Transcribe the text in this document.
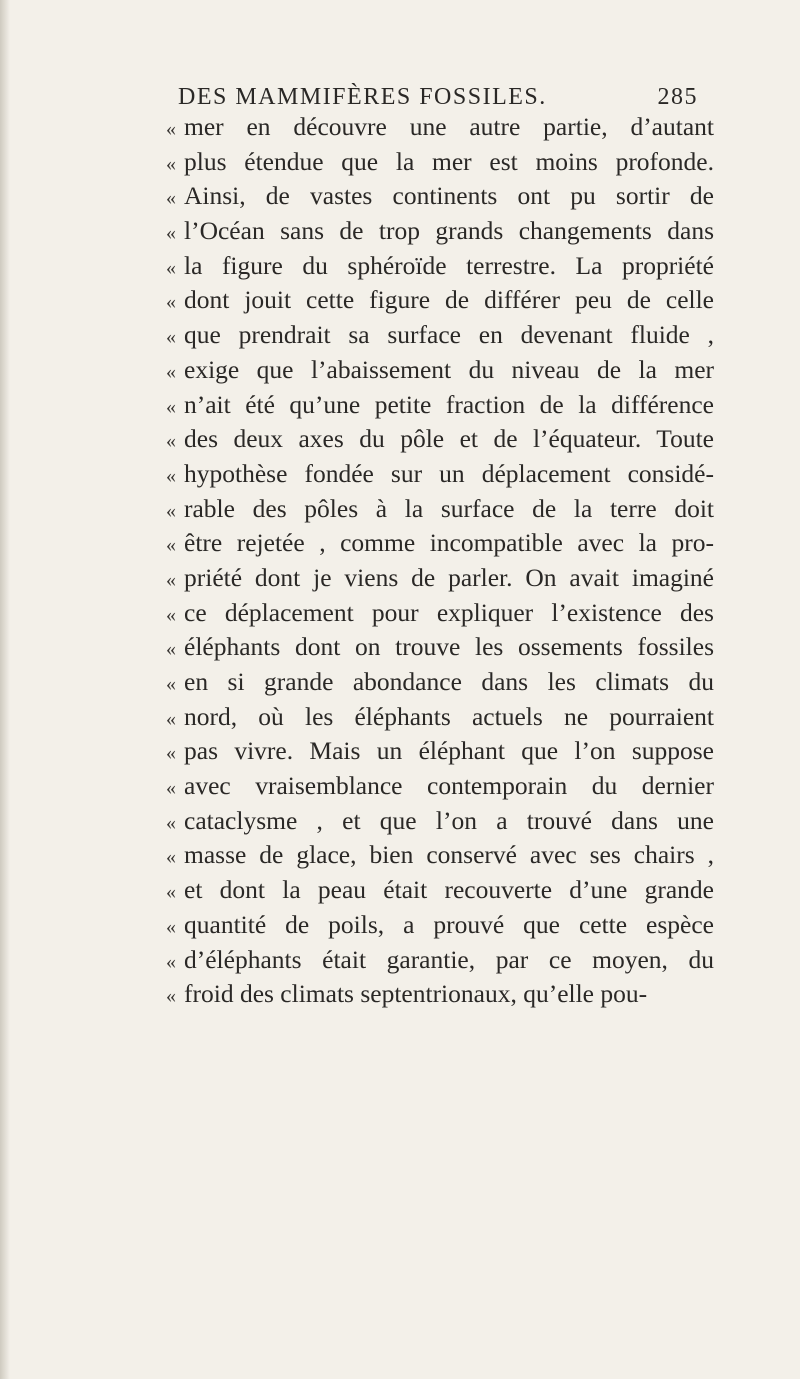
DES MAMMIFÈRES FOSSILES.	285
« mer en découvre une autre partie, d’autant
« plus étendue que la mer est moins profonde.
« Ainsi, de vastes continents ont pu sortir de
« l’Océan sans de trop grands changements dans
« la figure du sphéroïde terrestre. La propriété
« dont jouit cette figure de différer peu de celle
« que prendrait sa surface en devenant fluide ,
« exige que l’abaissement du niveau de la mer
« n’ait été qu’une petite fraction de la différence
« des deux axes du pôle et de l’équateur. Toute
« hypothèse fondée sur un déplacement considé-
« rable des pôles à la surface de la terre doit
« être rejetée , comme incompatible avec la pro-
« priété dont je viens de parler. On avait imaginé
« ce déplacement pour expliquer l’existence des
« éléphants dont on trouve les ossements fossiles
« en si grande abondance dans les climats du
« nord, où les éléphants actuels ne pourraient
« pas vivre. Mais un éléphant que l’on suppose
« avec vraisemblance contemporain du dernier
« cataclysme , et que l’on a trouvé dans une
« masse de glace, bien conservé avec ses chairs ,
« et dont la peau était recouverte d’une grande
« quantité de poils, a prouvé que cette espèce
« d’éléphants était garantie, par ce moyen, du
« froid des climats septentrionaux, qu’elle pou-
